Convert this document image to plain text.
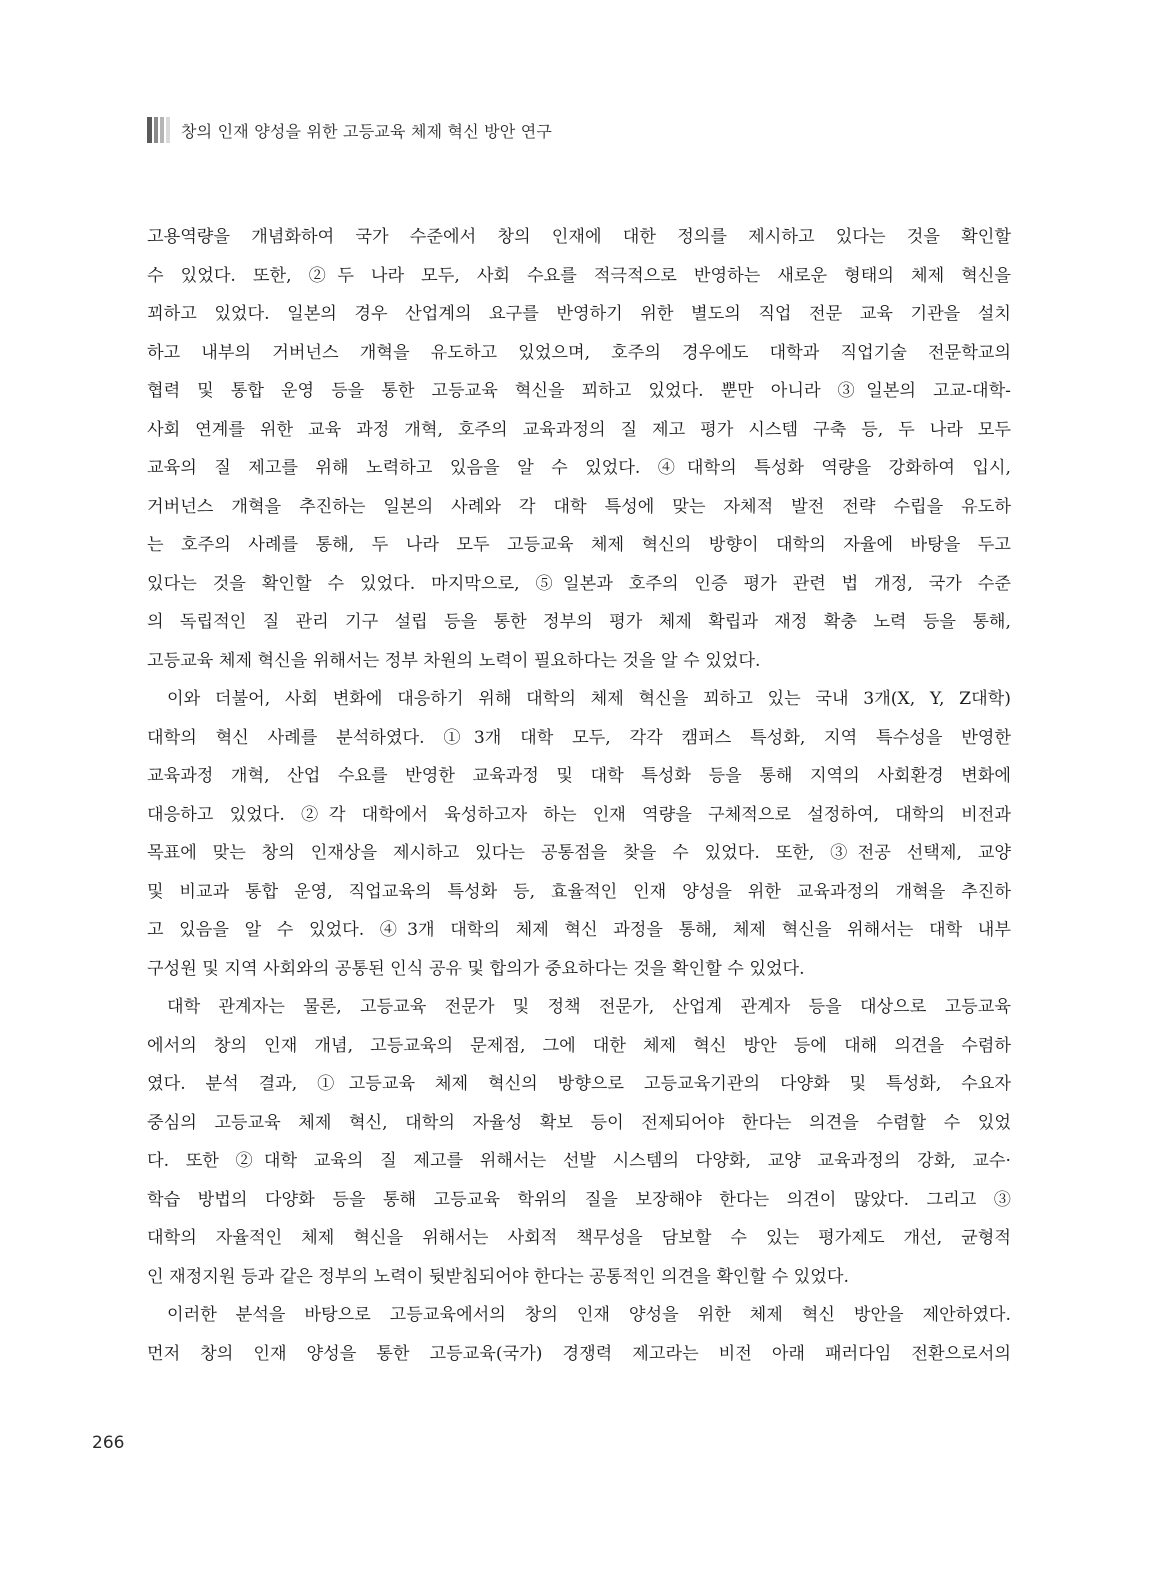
창의 인재 양성을 위한 고등교육 체제 혁신 방안 연구
고용역량을 개념화하여 국가 수준에서 창의 인재에 대한 정의를 제시하고 있다는 것을 확인할
수 있었다. 또한, ②두 나라 모두, 사회 수요를 적극적으로 반영하는 새로운 형태의 체제 혁신을
꾀하고 있었다. 일본의 경우 산업계의 요구를 반영하기 위한 별도의 직업 전문 교육 기관을 설치
하고 내부의 거버넌스 개혁을 유도하고 있었으며, 호주의 경우에도 대학과 직업기술 전문학교의
협력 및 통합 운영 등을 통한 고등교육 혁신을 꾀하고 있었다. 뿐만 아니라 ③일본의 고교-대학-
사회 연계를 위한 교육 과정 개혁, 호주의 교육과정의 질 제고 평가 시스템 구축 등, 두 나라 모두
교육의 질 제고를 위해 노력하고 있음을 알 수 있었다. ④대학의 특성화 역량을 강화하여 입시,
거버넌스 개혁을 추진하는 일본의 사례와 각 대학 특성에 맞는 자체적 발전 전략 수립을 유도하
는 호주의 사례를 통해, 두 나라 모두 고등교육 체제 혁신의 방향이 대학의 자율에 바탕을 두고
있다는 것을 확인할 수 있었다. 마지막으로, ⑤일본과 호주의 인증 평가 관련 법 개정, 국가 수준
의 독립적인 질 관리 기구 설립 등을 통한 정부의 평가 체제 확립과 재정 확충 노력 등을 통해,
고등교육 체제 혁신을 위해서는 정부 차원의 노력이 필요하다는 것을 알 수 있었다.
이와 더불어, 사회 변화에 대응하기 위해 대학의 체제 혁신을 꾀하고 있는 국내 3개(X, Y, Z대학)
대학의 혁신 사례를 분석하였다. ①3개 대학 모두, 각각 캠퍼스 특성화, 지역 특수성을 반영한
교육과정 개혁, 산업 수요를 반영한 교육과정 및 대학 특성화 등을 통해 지역의 사회환경 변화에
대응하고 있었다. ②각 대학에서 육성하고자 하는 인재 역량을 구체적으로 설정하여, 대학의 비전과
목표에 맞는 창의 인재상을 제시하고 있다는 공통점을 찾을 수 있었다. 또한, ③전공 선택제, 교양
및 비교과 통합 운영, 직업교육의 특성화 등, 효율적인 인재 양성을 위한 교육과정의 개혁을 추진하
고 있음을 알 수 있었다. ④3개 대학의 체제 혁신 과정을 통해, 체제 혁신을 위해서는 대학 내부
구성원 및 지역 사회와의 공통된 인식 공유 및 합의가 중요하다는 것을 확인할 수 있었다.
대학 관계자는 물론, 고등교육 전문가 및 정책 전문가, 산업계 관계자 등을 대상으로 고등교육
에서의 창의 인재 개념, 고등교육의 문제점, 그에 대한 체제 혁신 방안 등에 대해 의견을 수렴하
였다. 분석 결과, ①고등교육 체제 혁신의 방향으로 고등교육기관의 다양화 및 특성화, 수요자
중심의 고등교육 체제 혁신, 대학의 자율성 확보 등이 전제되어야 한다는 의견을 수렴할 수 있었
다. 또한 ②대학 교육의 질 제고를 위해서는 선발 시스템의 다양화, 교양 교육과정의 강화, 교수·
학습 방법의 다양화 등을 통해 고등교육 학위의 질을 보장해야 한다는 의견이 많았다. 그리고 ③
대학의 자율적인 체제 혁신을 위해서는 사회적 책무성을 담보할 수 있는 평가제도 개선, 균형적
인 재정지원 등과 같은 정부의 노력이 뒷받침되어야 한다는 공통적인 의견을 확인할 수 있었다.
이러한 분석을 바탕으로 고등교육에서의 창의 인재 양성을 위한 체제 혁신 방안을 제안하였다.
먼저 창의 인재 양성을 통한 고등교육(국가) 경쟁력 제고라는 비전 아래 패러다임 전환으로서의
266
